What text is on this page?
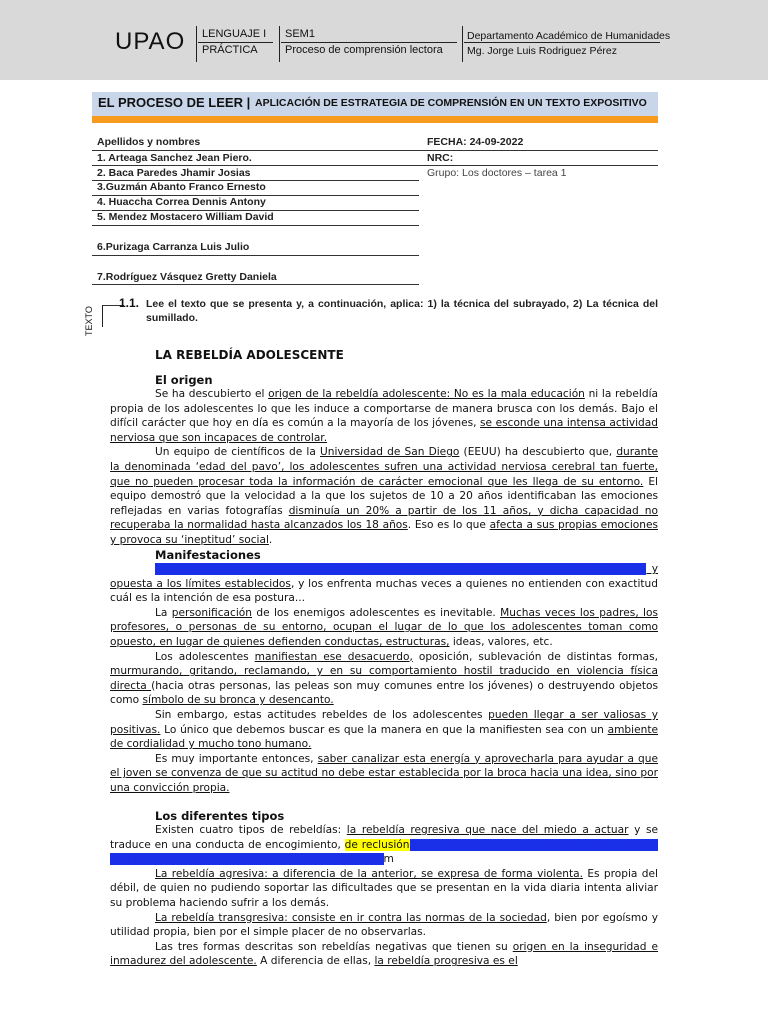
UPAO LENGUAJE I
PRÁCTICA
SEM1
Proceso de comprensión lectora
Departamento Académico de Humanidades
Mg. Jorge Luis Rodriguez Pérez
EL PROCESO DE LEER | APLICACIÓN DE ESTRATEGIA DE COMPRENSIÓN EN UN TEXTO EXPOSITIVO
Apellidos y nombres	FECHA: 24-09-2022
1. Arteaga Sanchez Jean Piero.	NRC:
2. Baca Paredes Jhamir Josias	Grupo: Los doctores – tarea 1
3.Guzmán Abanto Franco Ernesto
4. Huaccha Correa Dennis Antony
5. Mendez Mostacero William David
6.Purizaga Carranza Luis Julio
7.Rodríguez Vásquez Gretty Daniela
TEXTO
1.1. Lee el texto que se presenta y, a continuación, aplica: 1) la técnica del subrayado, 2) La técnica del sumillado.
LA REBELDÍA ADOLESCENTE
El origen

Se ha descubierto el origen de la rebeldía adolescente: No es la mala educación ni la rebeldía propia de los adolescentes lo que les induce a comportarse de manera brusca con los demás. Bajo el difícil carácter que hoy en día es común a la mayoría de los jóvenes, se esconde una intensa actividad nerviosa que son incapaces de controlar.

Un equipo de científicos de la Universidad de San Diego (EEUU) ha descubierto que, durante la denominada ‘edad del pavo’, los adolescentes sufren una actividad nerviosa cerebral tan fuerte, que no pueden procesar toda la información de carácter emocional que les llega de su entorno. El equipo demostró que la velocidad a la que los sujetos de 10 a 20 años identificaban las emociones reflejadas en varias fotografías disminuía un 20% a partir de los 11 años, y dicha capacidad no recuperaba la normalidad hasta alcanzados los 18 años. Eso es lo que afecta a sus propias emociones y provoca su ‘ineptitud’ social.

Manifestaciones

La rebeldía es una etapa en la adolescencia que se caracteriza por una actitud violenta y opuesta a los límites establecidos, y los enfrenta muchas veces a quienes no entienden con exactitud cuál es la intención de esa postura...

La personificación de los enemigos adolescentes es inevitable. Muchas veces los padres, los profesores, o personas de su entorno, ocupan el lugar de lo que los adolescentes toman como opuesto, en lugar de quienes defienden conductas, estructuras, ideas, valores, etc.

Los adolescentes manifiestan ese desacuerdo, oposición, sublevación de distintas formas, murmurando, gritando, reclamando, y en su comportamiento hostil traducido en violencia física directa (hacia otras personas, las peleas son muy comunes entre los jóvenes) o destruyendo objetos como símbolo de su bronca y desencanto.

Sin embargo, estas actitudes rebeldes de los adolescentes pueden llegar a ser valiosas y positivas. Lo único que debemos buscar es que la manera en que la manifiesten sea con un ambiente de cordialidad y mucho tono humano.

Es muy importante entonces, saber canalizar esta energía y aprovecharla para ayudar a que el joven se convenza de que su actitud no debe estar establecida por la broca hacia una idea, sino por una convicción propia.

Los diferentes tipos

Existen cuatro tipos de rebeldías: la rebeldía regresiva que nace del miedo a actuar y se traduce en una conducta de encogimiento, de reclusión en sí mismo, en el que el adolescente adopta una postura de protesta muda y pasiva contra todom

La rebeldía agresiva: a diferencia de la anterior, se expresa de forma violenta. Es propia del débil, de quien no pudiendo soportar las dificultades que se presentan en la vida diaria intenta aliviar su problema haciendo sufrir a los demás.

La rebeldía transgresiva: consiste en ir contra las normas de la sociedad, bien por egoísmo y utilidad propia, bien por el simple placer de no observarlas.

Las tres formas descritas son rebeldías negativas que tienen su origen en la inseguridad e inmadurez del adolescente. A diferencia de ellas, la rebeldía progresiva es el
